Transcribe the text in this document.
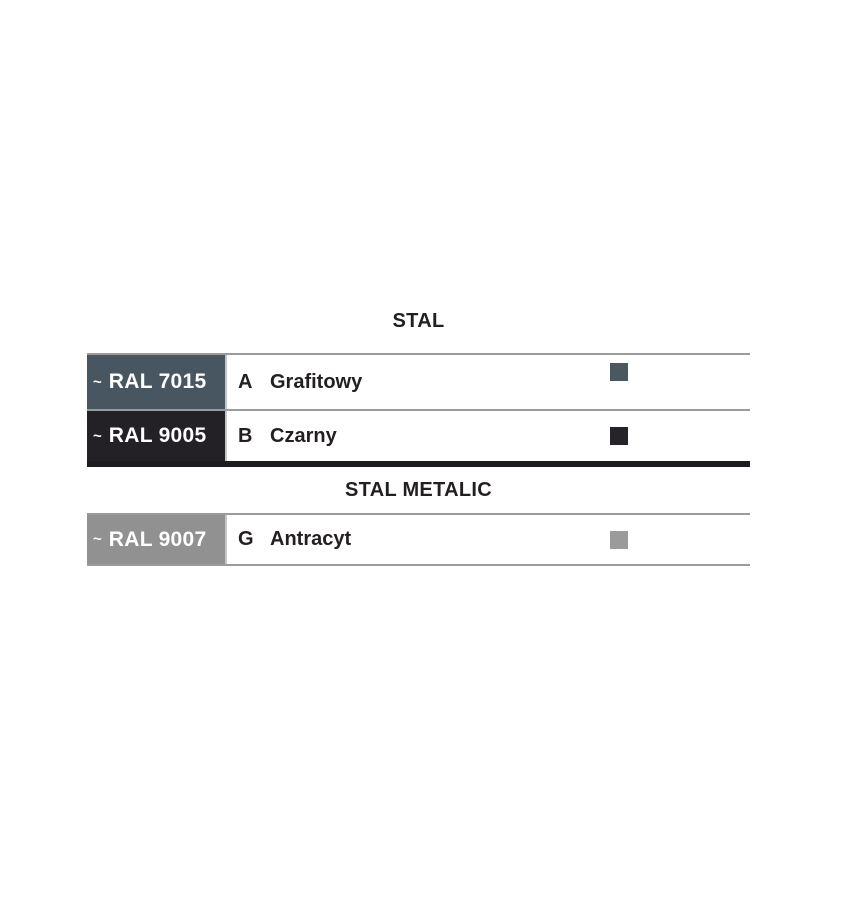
STAL
~ RAL 7015 A Grafitowy
~ RAL 9005 B Czarny
STAL METALIC
~ RAL 9007 G Antracyt
